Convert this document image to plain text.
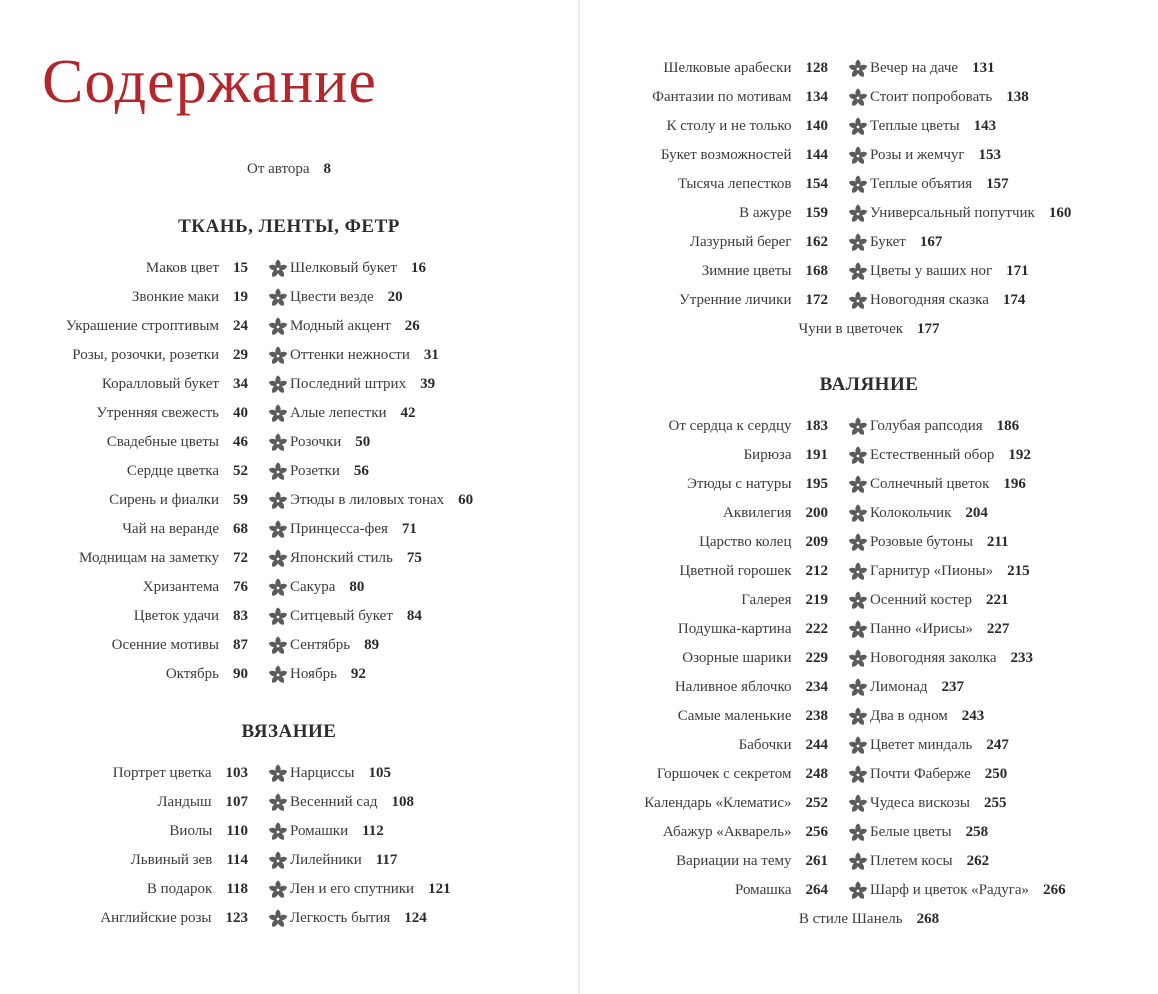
Содержание
От автора 8
ТКАНЬ, ЛЕНТЫ, ФЕТР
Маков цвет 15	Шелковый букет 16
Звонкие маки 19	Цвести везде 20
Украшение строптивым 24	Модный акцент 26
Розы, розочки, розетки 29	Оттенки нежности 31
Коралловый букет 34	Последний штрих 39
Утренняя свежесть 40	Алые лепестки 42
Свадебные цветы 46	Розочки 50
Сердце цветка 52	Розетки 56
Сирень и фиалки 59	Этюды в лиловых тонах 60
Чай на веранде 68	Принцесса-фея 71
Модницам на заметку 72	Японский стиль 75
Хризантема 76	Сакура 80
Цветок удачи 83	Ситцевый букет 84
Осенние мотивы 87	Сентябрь 89
Октябрь 90	Ноябрь 92
ВЯЗАНИЕ
Портрет цветка 103	Нарциссы 105
Ландыш 107	Весенний сад 108
Виолы 110	Ромашки 112
Львиный зев 114	Лилейники 117
В подарок 118	Лен и его спутники 121
Английские розы 123	Легкость бытия 124
Шелковые арабески 128	Вечер на даче 131
Фантазии по мотивам 134	Стоит попробовать 138
К столу и не только 140	Теплые цветы 143
Букет возможностей 144	Розы и жемчуг 153
Тысяча лепестков 154	Теплые объятия 157
В ажуре 159	Универсальный попутчик 160
Лазурный берег 162	Букет 167
Зимние цветы 168	Цветы у ваших ног 171
Утренние личики 172	Новогодняя сказка 174
Чуни в цветочек 177
ВАЛЯНИЕ
От сердца к сердцу 183	Голубая рапсодия 186
Бирюза 191	Естественный обор 192
Этюды с натуры 195	Солнечный цветок 196
Аквилегия 200	Колокольчик 204
Царство колец 209	Розовые бутоны 211
Цветной горошек 212	Гарнитур «Пионы» 215
Галерея 219	Осенний костер 221
Подушка-картина 222	Панно «Ирисы» 227
Озорные шарики 229	Новогодняя заколка 233
Наливное яблочко 234	Лимонад 237
Самые маленькие 238	Два в одном 243
Бабочки 244	Цветет миндаль 247
Горшочек с секретом 248	Почти Фаберже 250
Календарь «Клематис» 252	Чудеса вискозы 255
Абажур «Акварель» 256	Белые цветы 258
Вариации на тему 261	Плетем косы 262
Ромашка 264	Шарф и цветок «Радуга» 266
В стиле Шанель 268
